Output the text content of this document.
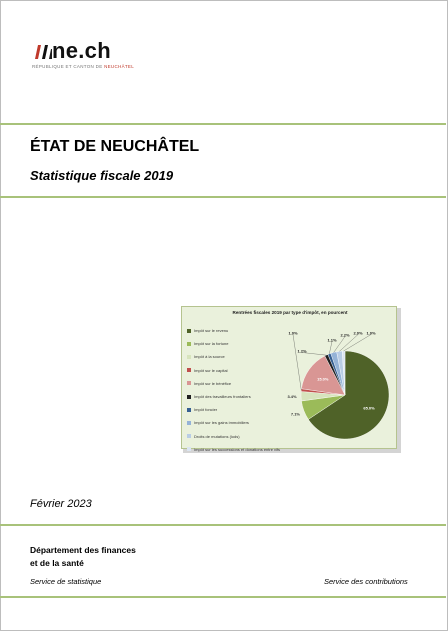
ne.ch
RÉPUBLIQUE ET CANTON DE NEUCHÂTEL
ÉTAT DE NEUCHÂTEL
Statistique fiscale 2019
Rentrées fiscales 2019 par type d'impôt, en pourcent
Impôt sur le revenu
Impôt sur la fortune
Impôt à la source
Impôt sur le capital
Impôt sur le bénéfice
Impôt des travailleurs frontaliers
Impôt foncier
Impôt sur les gains immobiliers
Droits de mutations (lods)
Impôt sur les successions et donations entre vifs
65.0%
7.1%
3.4%
1.0%
15.0%
1.2%
1.1%
2.2% 2.0% 1.0%
Février 2023
Département des finances
et de la santé
Service de statistique	Service des contributions
